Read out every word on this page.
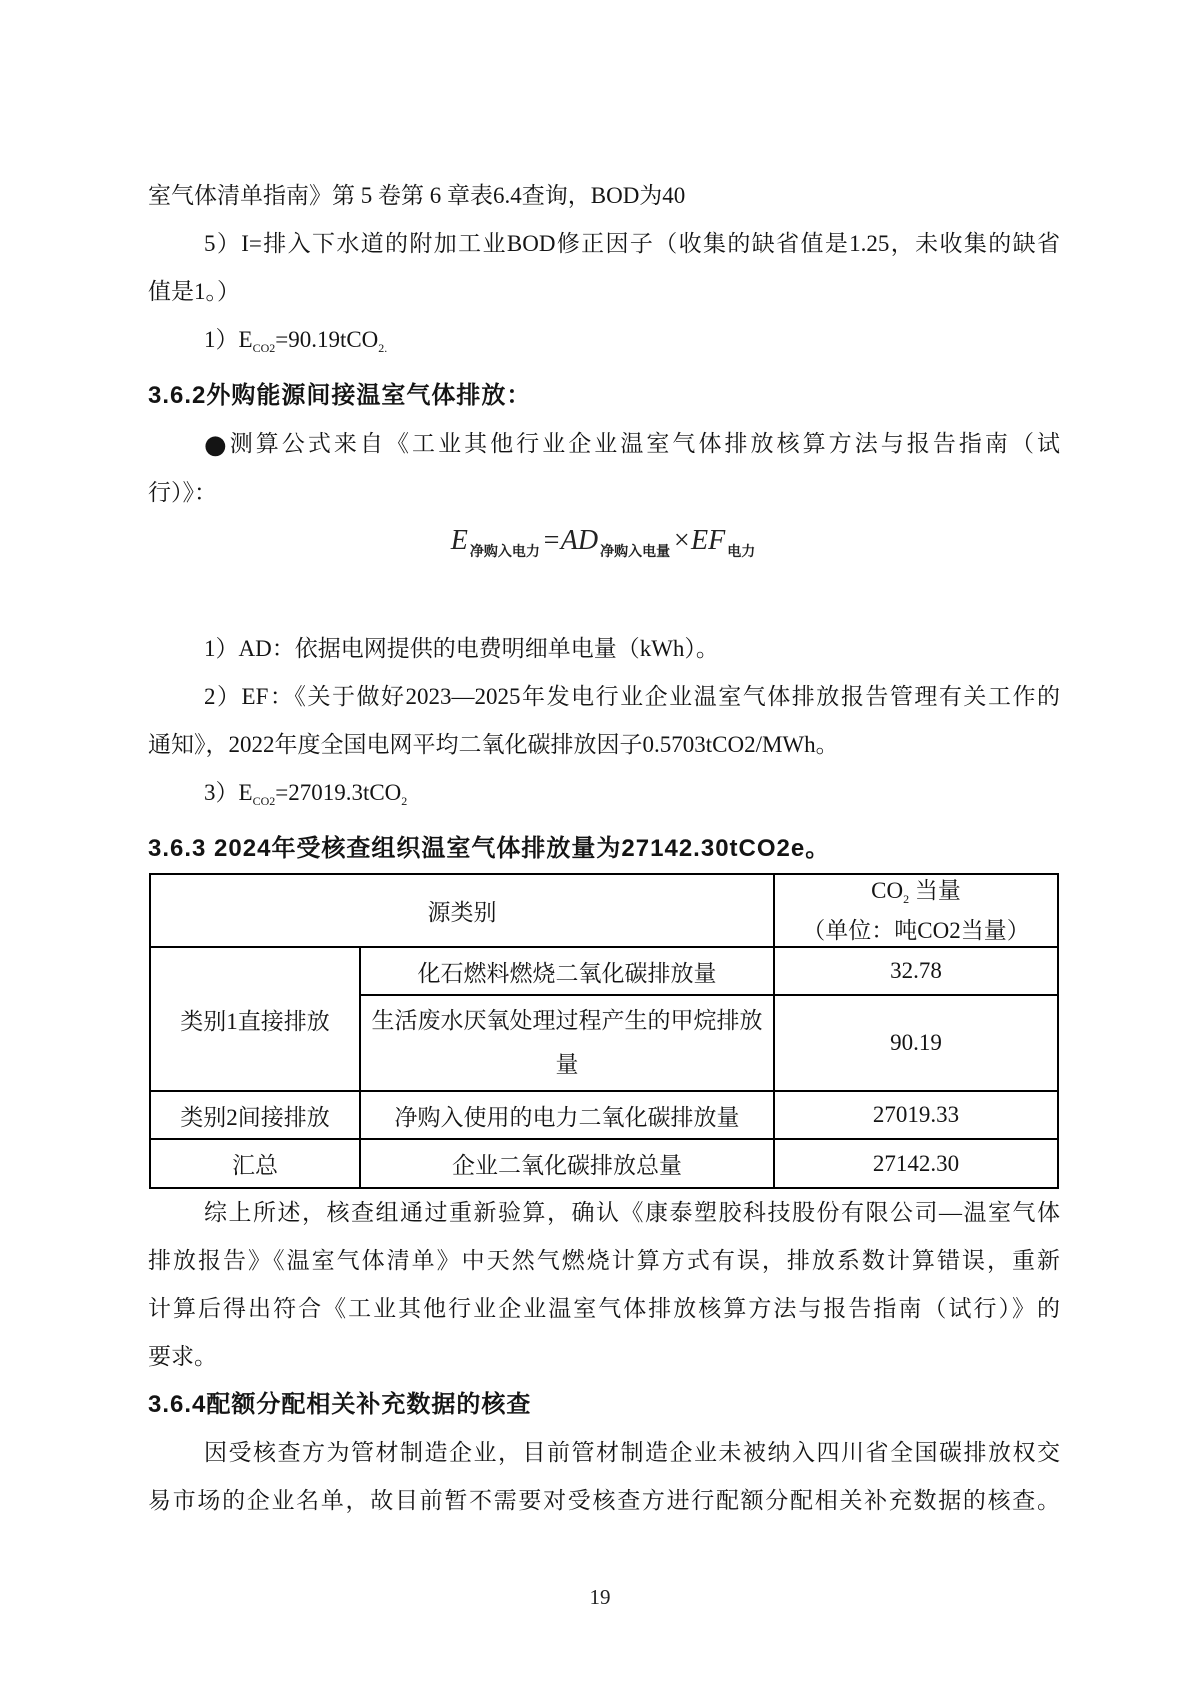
室气体清单指南》第 5 卷第 6 章表6.4查询，BOD为40
5）I=排入下水道的附加工业BOD修正因子（收集的缺省值是1.25，未收集的缺省
值是1。）
$1)E_{CO2}=90.19tCO_{2.}$
3.6.2外购能源间接温室气体排放：
●测算公式来自《工业其他行业企业温室气体排放核算方法与报告指南（试
行）》：
E $_{净购入电力}$=AD $_{净购入电量}$×EF $_{电力}$
1）AD：依据电网提供的电费明细单电量（kWh）。
2）EF：《关于做好2023—2025年发电行业企业温室气体排放报告管理有关工作的
通知》，2022年度全国电网平均二氧化碳排放因子0.5703tCO2/MWh。
$3)E_{CO2}=27019.3tCO_2$
3.6.3 2024年受核查组织温室气体排放量为27142.30tCO2e。
源类别		$CO_2$ 当量
（单位：吨CO2当量）
类别1直接排放	化石燃料燃烧二氧化碳排放量	32.78
	生活废水厌氧处理过程产生的甲烷排放量	90.19
类别2间接排放	净购入使用的电力二氧化碳排放量	27019.33
汇总	企业二氧化碳排放总量	27142.30
综上所述，核查组通过重新验算，确认《康泰塑胶科技股份有限公司—温室气体
排放报告》《温室气体清单》中天然气燃烧计算方式有误，排放系数计算错误，重新
计算后得出符合《工业其他行业企业温室气体排放核算方法与报告指南（试行）》的
要求。
3.6.4配额分配相关补充数据的核查
因受核查方为管材制造企业，目前管材制造企业未被纳入四川省全国碳排放权交
易市场的企业名单，故目前暂不需要对受核查方进行配额分配相关补充数据的核查。
19
